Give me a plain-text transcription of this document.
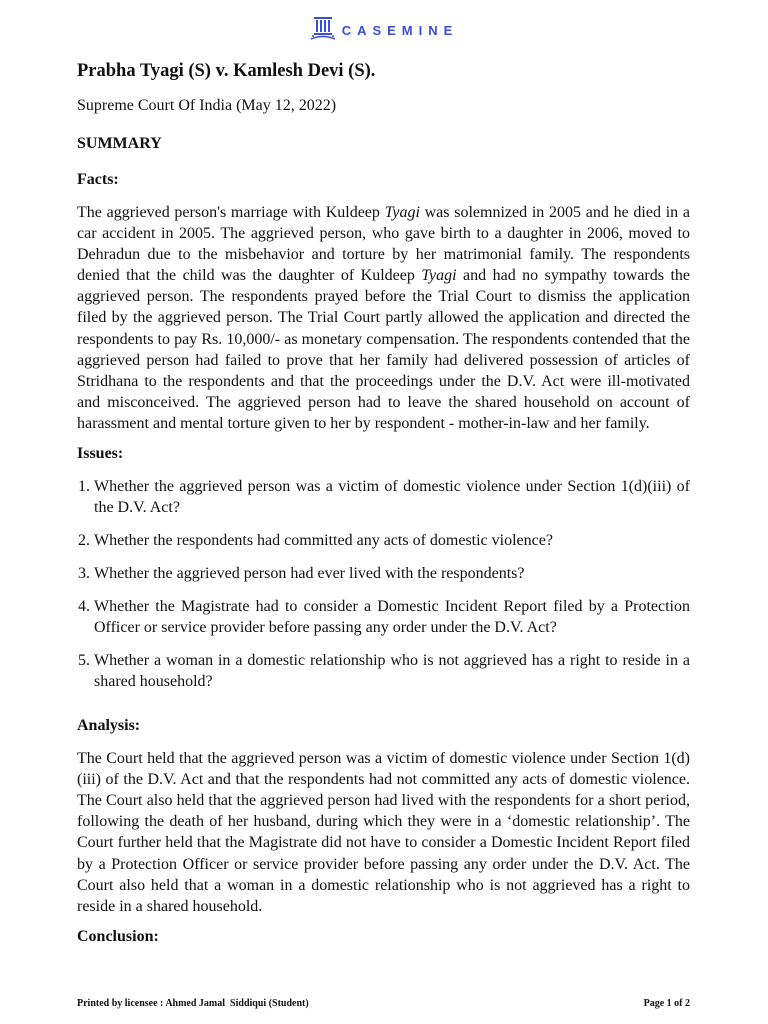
CASEMINE
Prabha Tyagi (S) v. Kamlesh Devi (S).

Supreme Court Of India (May 12, 2022)

SUMMARY
Facts:

The aggrieved person's marriage with Kuldeep Tyagi was solemnized in 2005 and he died in a car accident in 2005. The aggrieved person, who gave birth to a daughter in 2006, moved to Dehradun due to the misbehavior and torture by her matrimonial family. The respondents denied that the child was the daughter of Kuldeep Tyagi and had no sympathy towards the aggrieved person. The respondents prayed before the Trial Court to dismiss the application filed by the aggrieved person. The Trial Court partly allowed the application and directed the respondents to pay Rs. 10,000/- as monetary compensation. The respondents contended that the aggrieved person had failed to prove that her family had delivered possession of articles of Stridhana to the respondents and that the proceedings under the D.V. Act were ill-motivated and misconceived. The aggrieved person had to leave the shared household on account of harassment and mental torture given to her by respondent - mother-in-law and her family.

Issues:
1. Whether the aggrieved person was a victim of domestic violence under Section 1(d)(iii) of the D.V. Act?
2. Whether the respondents had committed any acts of domestic violence?
3. Whether the aggrieved person had ever lived with the respondents?
4. Whether the Magistrate had to consider a Domestic Incident Report filed by a Protection Officer or service provider before passing any order under the D.V. Act?
5. Whether a woman in a domestic relationship who is not aggrieved has a right to reside in a shared household?
Analysis:

The Court held that the aggrieved person was a victim of domestic violence under Section 1(d)(iii) of the D.V. Act and that the respondents had not committed any acts of domestic violence. The Court also held that the aggrieved person had lived with the respondents for a short period, following the death of her husband, during which they were in a ‘domestic relationship’. The Court further held that the Magistrate did not have to consider a Domestic Incident Report filed by a Protection Officer or service provider before passing any order under the D.V. Act. The Court also held that a woman in a domestic relationship who is not aggrieved has a right to reside in a shared household.

Conclusion:
Printed by licensee : Ahmed Jamal  Siddiqui (Student)	Page 1 of 2
